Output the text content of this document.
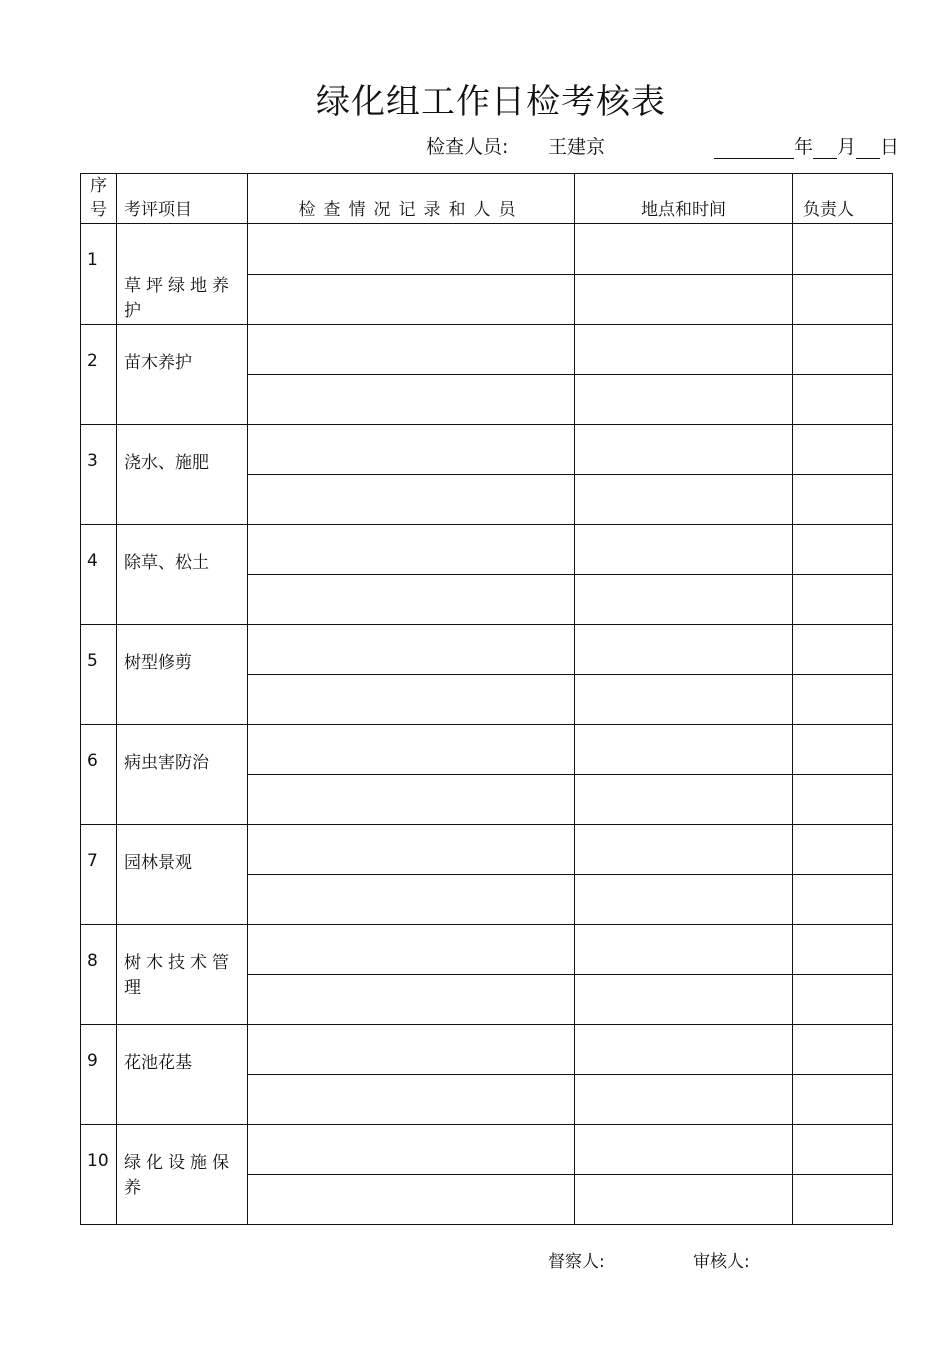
绿化组工作日检考核表
检查人员: 王建京	年 月 日
序
号	考评项目	检查情况记录和人员	地点和时间	负责人
1	草坪绿地养护			

2	苗木养护			

3	浇水、施肥			

4	除草、松土			

5	树型修剪			

6	病虫害防治			

7	园林景观			

8	树木技术管理			

9	花池花基			

10	绿化设施保养			

督察人:	审核人:
